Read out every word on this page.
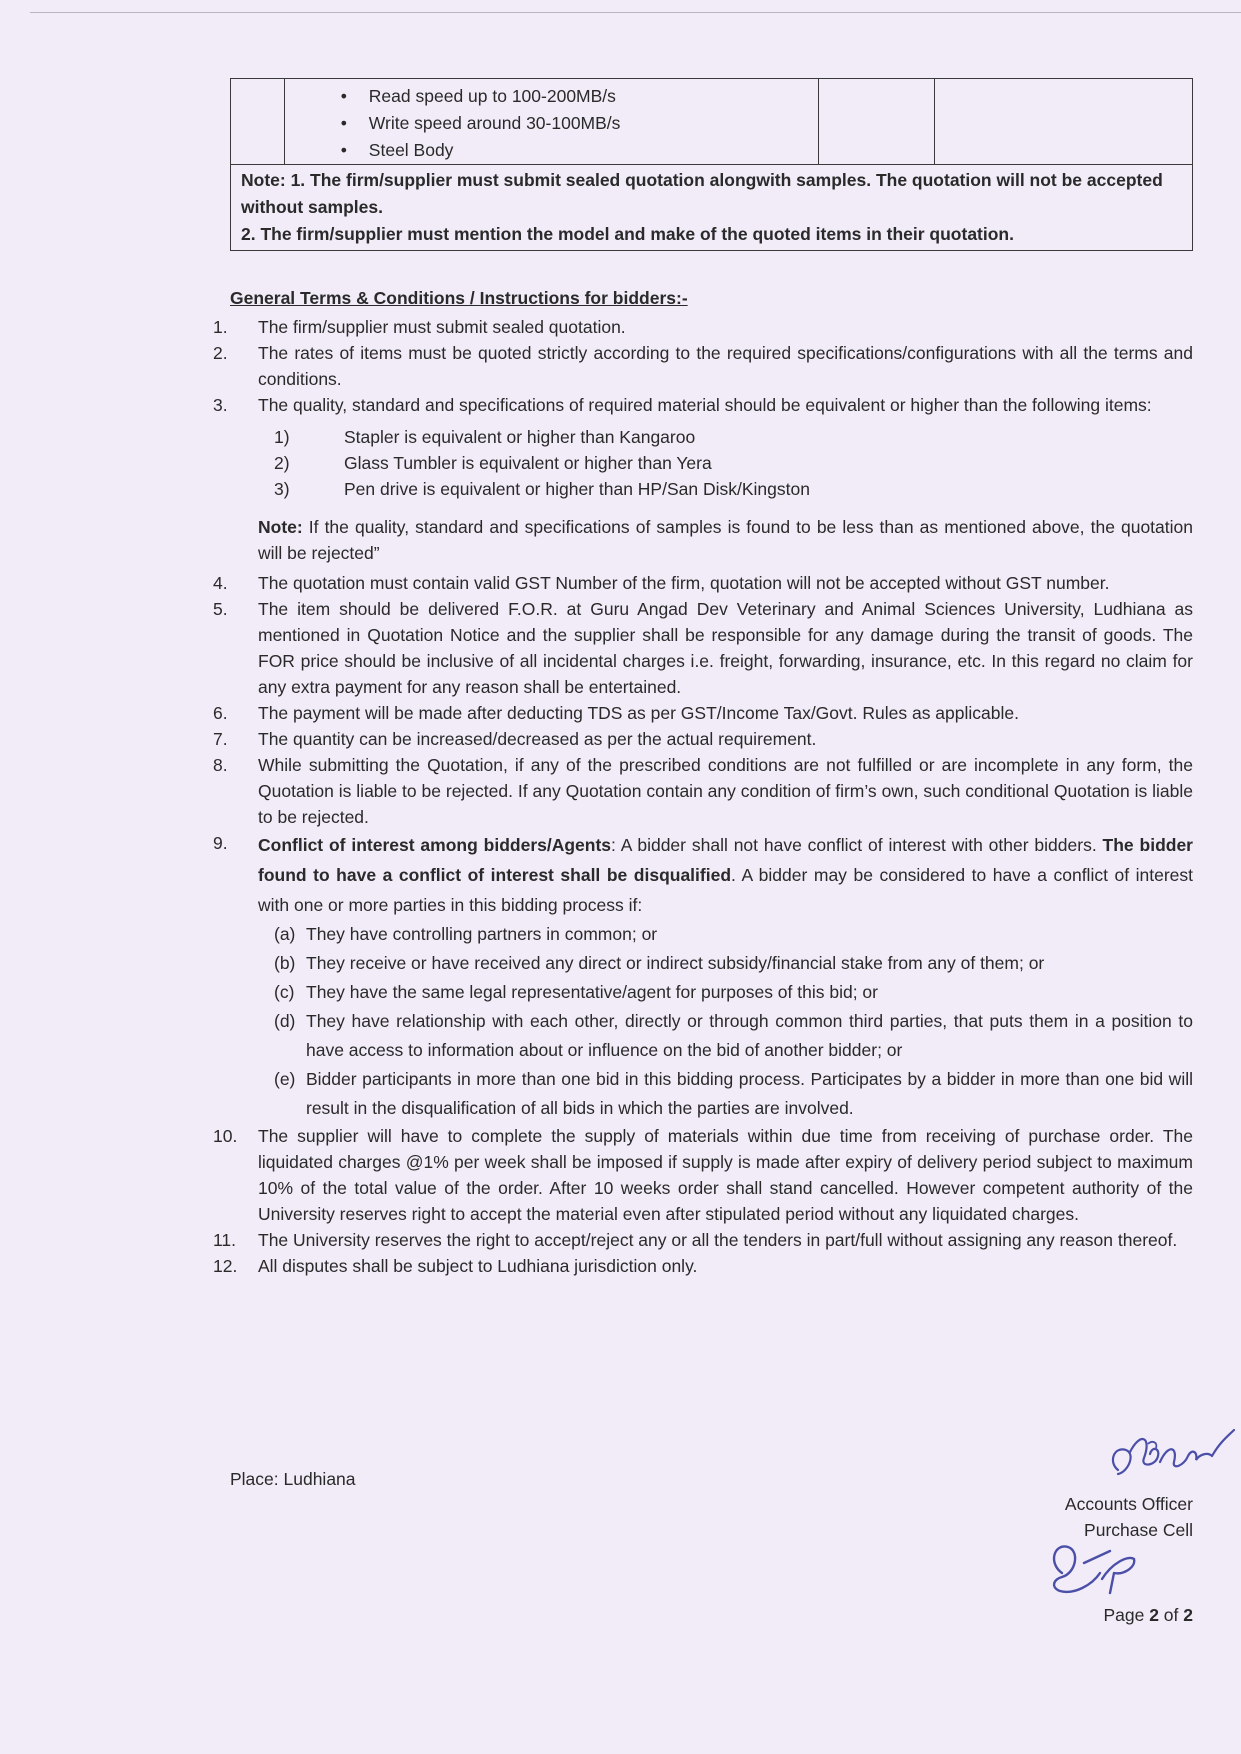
• Read speed up to 100-200MB/s
• Write speed around 30-100MB/s
• Steel Body

Note: 1. The firm/supplier must submit sealed quotation alongwith samples. The quotation will not be accepted without samples.
2. The firm/supplier must mention the model and make of the quoted items in their quotation.
General Terms & Conditions / Instructions for bidders:-
1.	The firm/supplier must submit sealed quotation.
2.	The rates of items must be quoted strictly according to the required specifications/configurations with all the terms and conditions.
3.	The quality, standard and specifications of required material should be equivalent or higher than the following items:
1)	Stapler is equivalent or higher than Kangaroo
2)	Glass Tumbler is equivalent or higher than Yera
3)	Pen drive is equivalent or higher than HP/San Disk/Kingston
Note: If the quality, standard and specifications of samples is found to be less than as mentioned above, the quotation will be rejected”
4.	The quotation must contain valid GST Number of the firm, quotation will not be accepted without GST number.
5.	The item should be delivered F.O.R. at Guru Angad Dev Veterinary and Animal Sciences University, Ludhiana as mentioned in Quotation Notice and the supplier shall be responsible for any damage during the transit of goods. The FOR price should be inclusive of all incidental charges i.e. freight, forwarding, insurance, etc. In this regard no claim for any extra payment for any reason shall be entertained.
6.	The payment will be made after deducting TDS as per GST/Income Tax/Govt. Rules as applicable.
7.	The quantity can be increased/decreased as per the actual requirement.
8.	While submitting the Quotation, if any of the prescribed conditions are not fulfilled or are incomplete in any form, the Quotation is liable to be rejected. If any Quotation contain any condition of firm’s own, such conditional Quotation is liable to be rejected.
9.	Conflict of interest among bidders/Agents: A bidder shall not have conflict of interest with other bidders. The bidder found to have a conflict of interest shall be disqualified. A bidder may be considered to have a conflict of interest with one or more parties in this bidding process if:
(a) They have controlling partners in common; or
(b) They receive or have received any direct or indirect subsidy/financial stake from any of them; or
(c) They have the same legal representative/agent for purposes of this bid; or
(d) They have relationship with each other, directly or through common third parties, that puts them in a position to have access to information about or influence on the bid of another bidder; or
(e) Bidder participants in more than one bid in this bidding process. Participates by a bidder in more than one bid will result in the disqualification of all bids in which the parties are involved.
10.	The supplier will have to complete the supply of materials within due time from receiving of purchase order. The liquidated charges @1% per week shall be imposed if supply is made after expiry of delivery period subject to maximum 10% of the total value of the order. After 10 weeks order shall stand cancelled. However competent authority of the University reserves right to accept the material even after stipulated period without any liquidated charges.
11.	The University reserves the right to accept/reject any or all the tenders in part/full without assigning any reason thereof.
12.	All disputes shall be subject to Ludhiana jurisdiction only.
Place: Ludhiana
Accounts Officer
Purchase Cell
Page 2 of 2
